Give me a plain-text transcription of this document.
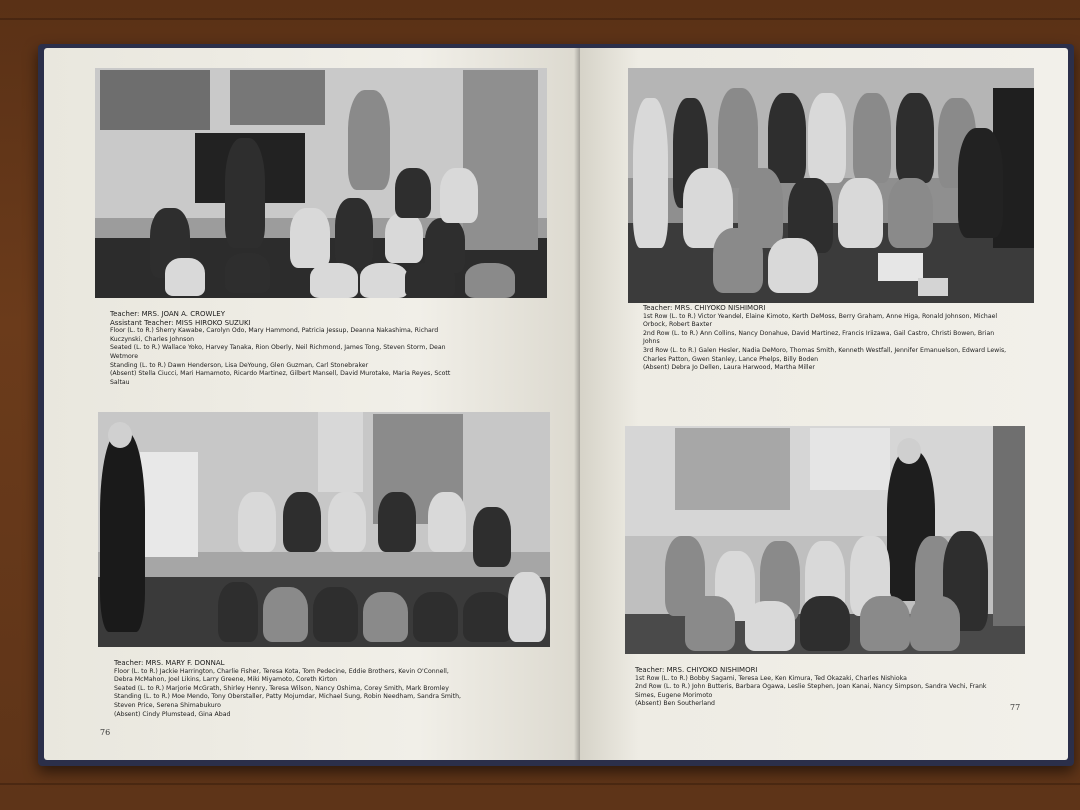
Teacher: MRS. JOAN A. CROWLEY
Assistant Teacher: MISS HIROKO SUZUKI
Floor (L. to R.) Sherry Kawabe, Carolyn Odo, Mary Hammond, Patricia Jessup, Deanna Nakashima, Richard
Kuczynski, Charles Johnson
Seated (L. to R.) Wallace Yoko, Harvey Tanaka, Rion Oberly, Neil Richmond, James Tong, Steven Storm, Dean
Wetmore
Standing (L. to R.) Dawn Henderson, Lisa DeYoung, Glen Guzman, Carl Stonebraker
(Absent) Stella Ciucci, Mari Hamamoto, Ricardo Martinez, Gilbert Mansell, David Murotake, Maria Reyes, Scott
Saltau
Teacher: MRS. MARY F. DONNAL
Floor (L. to R.) Jackie Harrington, Charlie Fisher, Teresa Kota, Tom Pedecine, Eddie Brothers, Kevin O'Connell,
Debra McMahon, Joel Likins, Larry Greene, Miki Miyamoto, Coreth Kirton
Seated (L. to R.) Marjorie McGrath, Shirley Henry, Teresa Wilson, Nancy Oshima, Corey Smith, Mark Bromley
Standing (L. to R.) Moe Mendo, Tony Oberstaller, Patty Mojumdar, Michael Sung, Robin Needham, Sandra Smith,
Steven Price, Serena Shimabukuro
(Absent) Cindy Plumstead, Gina Abad
76
Teacher: MRS. CHIYOKO NISHIMORI
1st Row (L. to R.) Victor Yeandel, Elaine Kimoto, Kerth DeMoss, Berry Graham, Anne Higa, Ronald Johnson, Michael
Orbock, Robert Baxter
2nd Row (L. to R.) Ann Collins, Nancy Donahue, David Martinez, Francis Iriizawa, Gail Castro, Christi Bowen, Brian
Johns
3rd Row (L. to R.) Galen Hesler, Nadia DeMoro, Thomas Smith, Kenneth Westfall, Jennifer Emanuelson, Edward Lewis,
Charles Patton, Gwen Stanley, Lance Phelps, Billy Boden
(Absent) Debra Jo Dellen, Laura Harwood, Martha Miller
Teacher: MRS. CHIYOKO NISHIMORI
1st Row (L. to R.) Bobby Sagami, Teresa Lee, Ken Kimura, Ted Okazaki, Charles Nishioka
2nd Row (L. to R.) John Butteris, Barbara Ogawa, Leslie Stephen, Joan Kanai, Nancy Simpson, Sandra Vechi, Frank
Simes, Eugene Morimoto
(Absent) Ben Southerland	77
